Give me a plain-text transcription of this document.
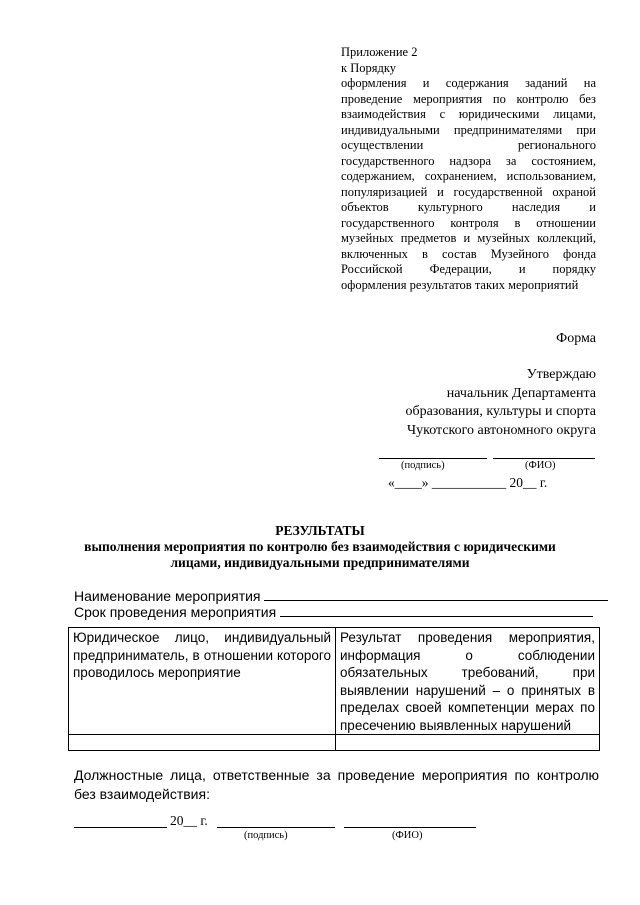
Приложение 2
к Порядку
оформления и содержания заданий на
проведение мероприятия по контролю без
взаимодействия с юридическими лицами,
индивидуальными предпринимателями при
осуществлении регионального
государственного надзора за состоянием,
содержанием, сохранением, использованием,
популяризацией и государственной охраной
объектов культурного наследия и
государственного контроля в отношении
музейных предметов и музейных коллекций,
включенных в состав Музейного фонда
Российской Федерации, и порядку
оформления результатов таких мероприятий
Форма
Утверждаю
начальник Департамента
образования, культуры и спорта
Чукотского автономного округа
(подпись)	(ФИО)
«____» ___________ 20__ г.
РЕЗУЛЬТАТЫ
выполнения мероприятия по контролю без взаимодействия с юридическими
лицами, индивидуальными предпринимателями
Наименование мероприятия
Срок проведения мероприятия
Юридическое лицо, индивидуальный предприниматель, в отношении которого проводилось мероприятие	Результат проведения мероприятия, информация о соблюдении обязательных требований, при выявлении нарушений – о принятых в пределах своей компетенции мерах по пресечению выявленных нарушений

Должностные лица, ответственные за проведение мероприятия по контролю без взаимодействия:
20__ г.
(подпись)	(ФИО)
